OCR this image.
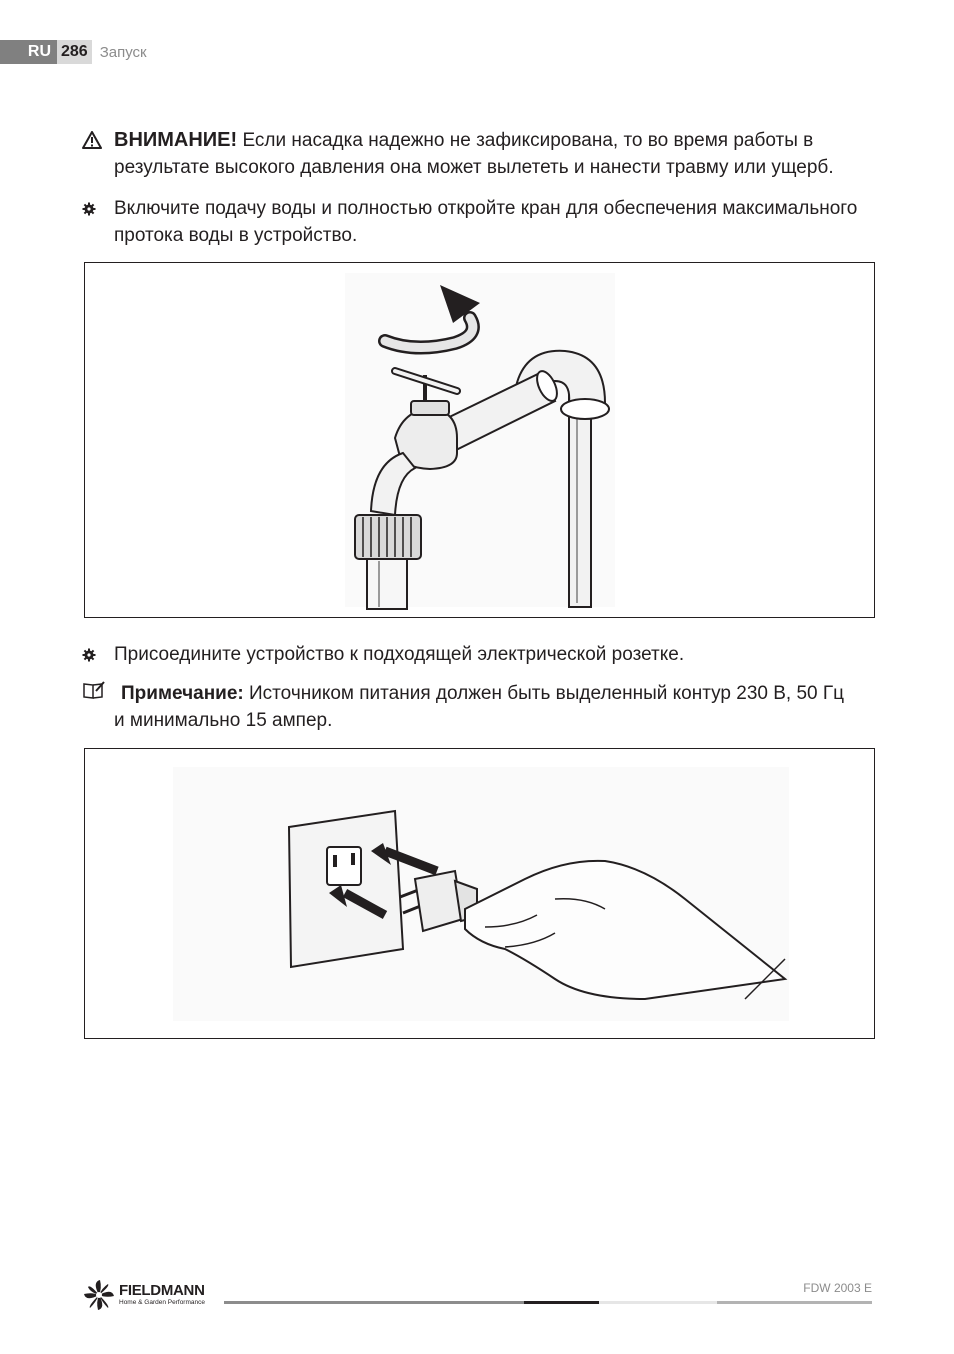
RU 286 Запуск
ВНИМАНИЕ! Если насадка надежно не зафиксирована, то во время работы в
результате высокого давления она может вылететь и нанести травму или ущерб.
Включите подачу воды и полностью откройте кран для обеспечения максимального
протока воды в устройство.
Присоедините устройство к подходящей электрической розетке.
Примечание: Источником питания должен быть выделенный контур 230 В, 50 Гц
и минимально 15 ампер.
FIELDMANN
Home & Garden Performance
FDW 2003 E
